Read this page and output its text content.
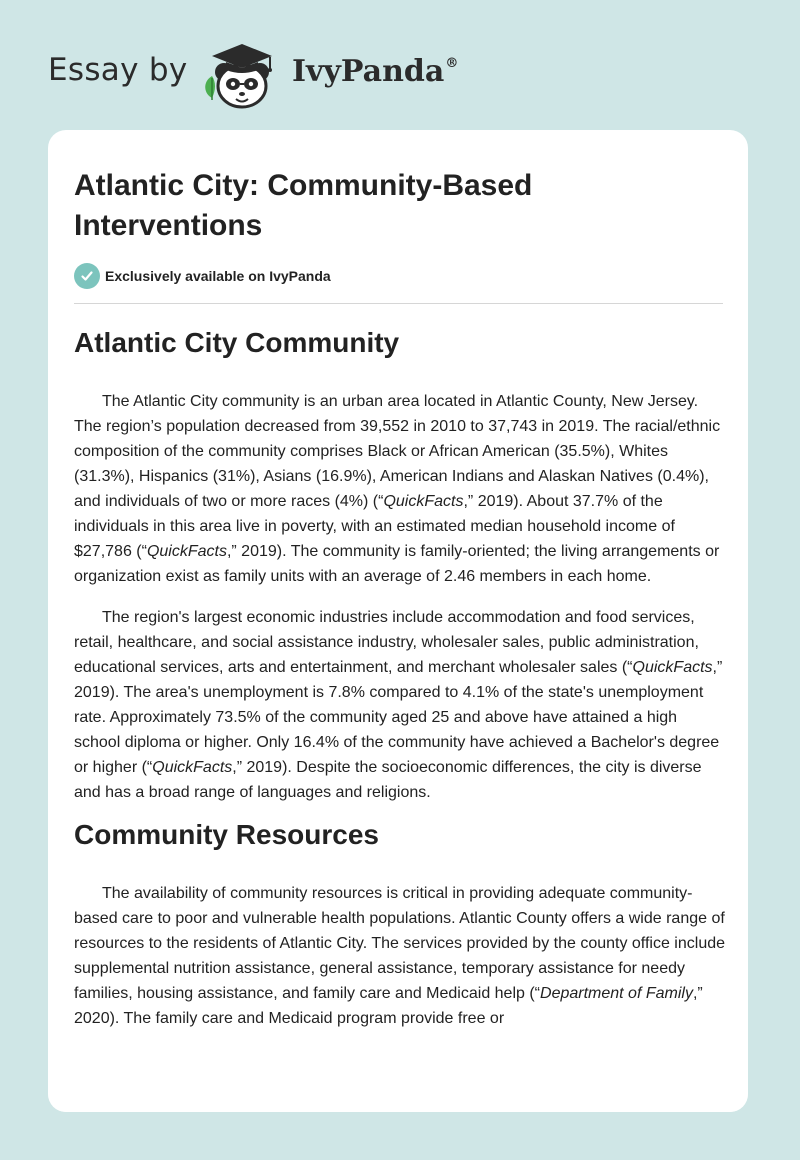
Essay by	IvyPanda®
Atlantic City: Community-Based Interventions
Exclusively available on IvyPanda
Atlantic City Community

The Atlantic City community is an urban area located in Atlantic County, New Jersey. The region’s population decreased from 39,552 in 2010 to 37,743 in 2019. The racial/ethnic composition of the community comprises Black or African American (35.5%), Whites (31.3%), Hispanics (31%), Asians (16.9%), American Indians and Alaskan Natives (0.4%), and individuals of two or more races (4%) (“QuickFacts,” 2019). About 37.7% of the individuals in this area live in poverty, with an estimated median household income of $27,786 (“QuickFacts,” 2019). The community is family-oriented; the living arrangements or organization exist as family units with an average of 2.46 members in each home.

The region's largest economic industries include accommodation and food services, retail, healthcare, and social assistance industry, wholesaler sales, public administration, educational services, arts and entertainment, and merchant wholesaler sales (“QuickFacts,” 2019). The area's unemployment is 7.8% compared to 4.1% of the state's unemployment rate. Approximately 73.5% of the community aged 25 and above have attained a high school diploma or higher. Only 16.4% of the community have achieved a Bachelor's degree or higher (“QuickFacts,” 2019). Despite the socioeconomic differences, the city is diverse and has a broad range of languages and religions.

Community Resources

The availability of community resources is critical in providing adequate community-based care to poor and vulnerable health populations. Atlantic County offers a wide range of resources to the residents of Atlantic City. The services provided by the county office include supplemental nutrition assistance, general assistance, temporary assistance for needy families, housing assistance, and family care and Medicaid help (“Department of Family,” 2020). The family care and Medicaid program provide free or
